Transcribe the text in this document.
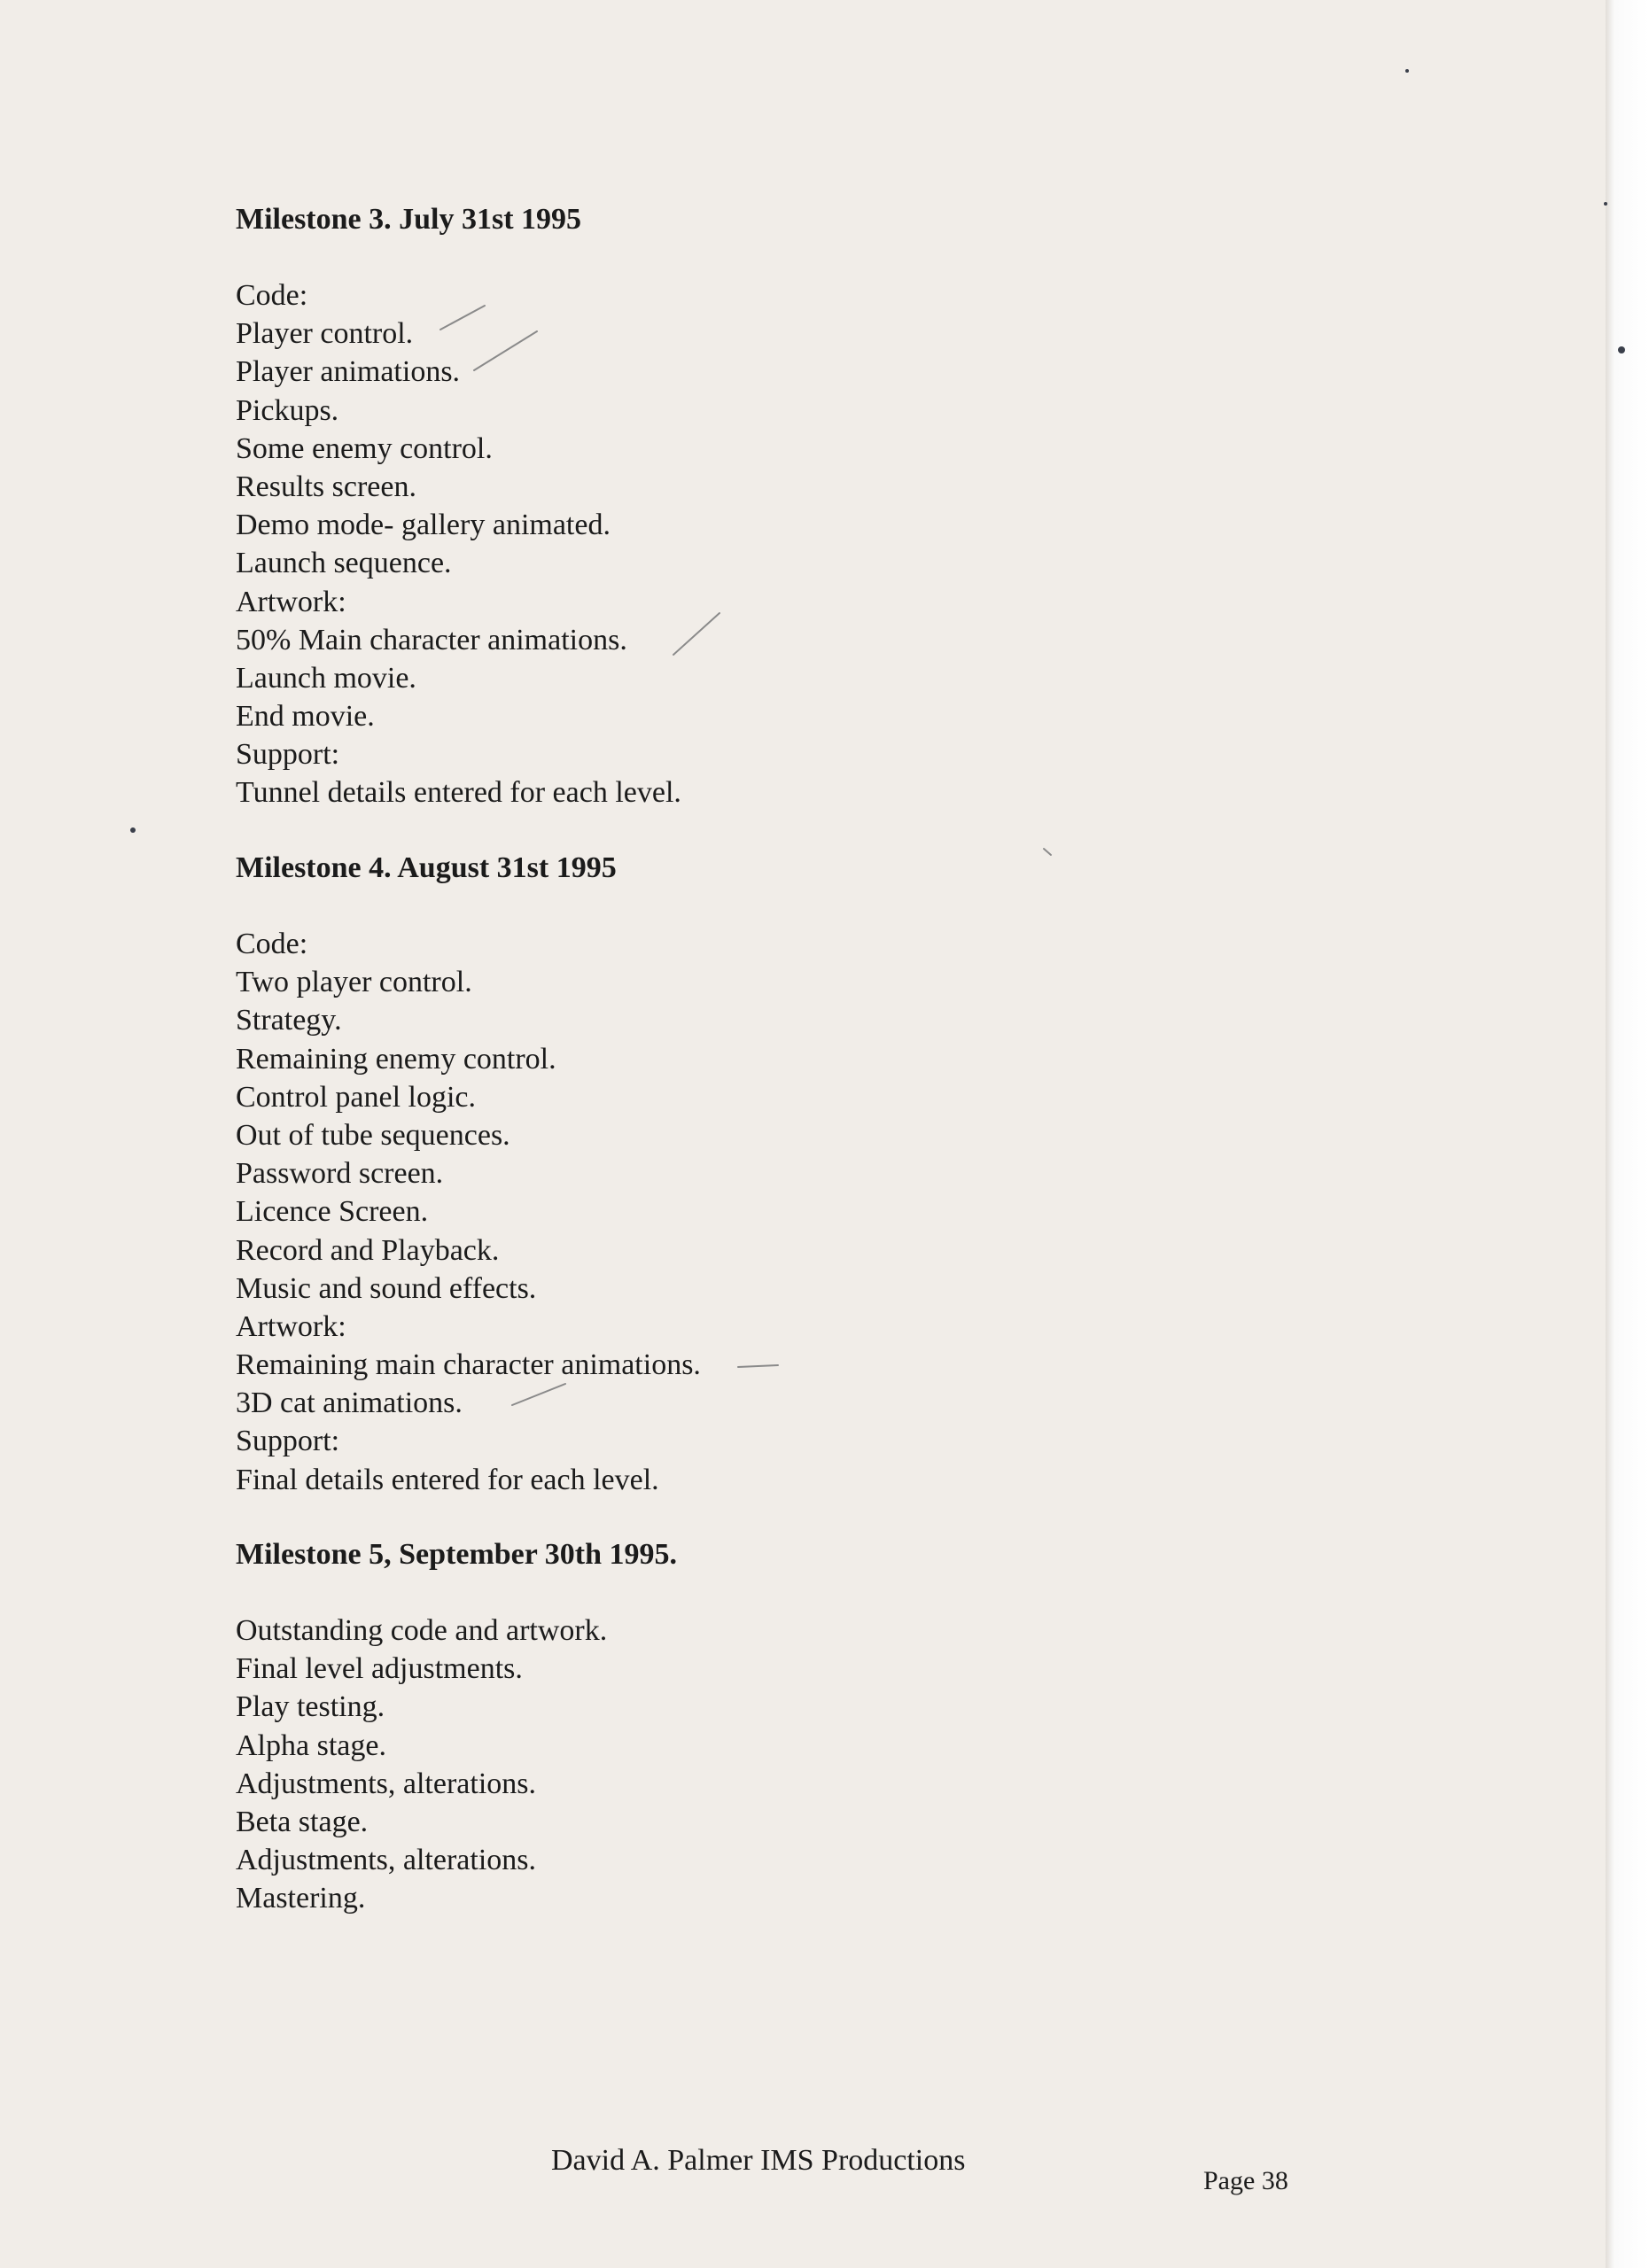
Milestone 3. July 31st 1995
Code:
Player control.
Player animations.
Pickups.
Some enemy control.
Results screen.
Demo mode- gallery animated.
Launch sequence.
Artwork:
50% Main character animations.
Launch movie.
End movie.
Support:
Tunnel details entered for each level.
Milestone 4. August 31st 1995
Code:
Two player control.
Strategy.
Remaining enemy control.
Control panel logic.
Out of tube sequences.
Password screen.
Licence Screen.
Record and Playback.
Music and sound effects.
Artwork:
Remaining main character animations.
3D cat animations.
Support:
Final details entered for each level.
Milestone 5, September 30th 1995.
Outstanding code and artwork.
Final level adjustments.
Play testing.
Alpha stage.
Adjustments, alterations.
Beta stage.
Adjustments, alterations.
Mastering.
David A. Palmer IMS Productions
Page 38
